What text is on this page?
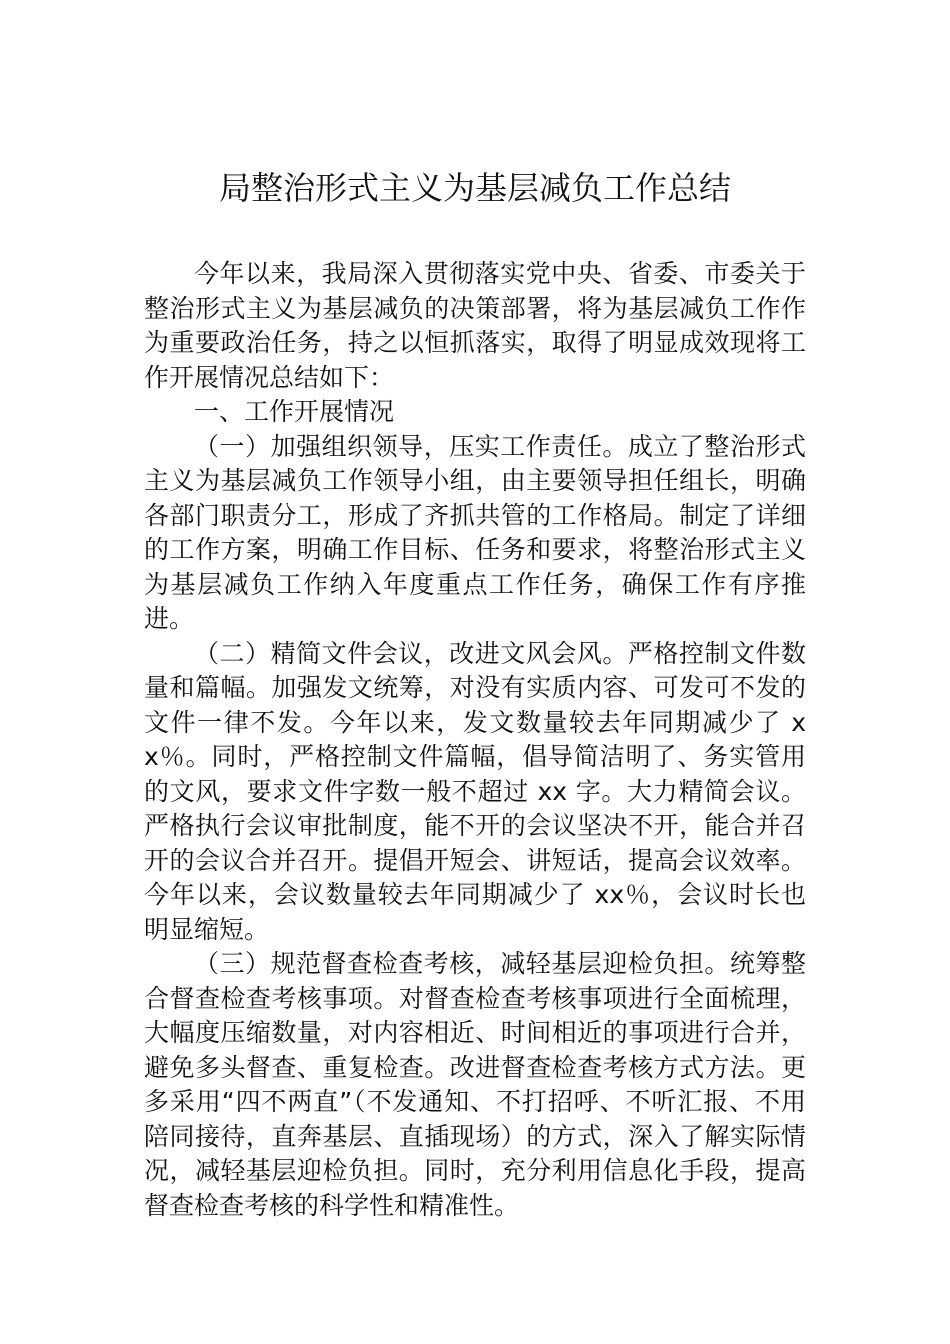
局整治形式主义为基层减负工作总结

今年以来，我局深入贯彻落实党中央、省委、市委关于整治形式主义为基层减负的决策部署，将为基层减负工作作为重要政治任务，持之以恒抓落实，取得了明显成效现将工作开展情况总结如下：

一、工作开展情况

（一）加强组织领导，压实工作责任。成立了整治形式主义为基层减负工作领导小组，由主要领导担任组长，明确各部门职责分工，形成了齐抓共管的工作格局。制定了详细的工作方案，明确工作目标、任务和要求，将整治形式主义为基层减负工作纳入年度重点工作任务，确保工作有序推进。

（二）精简文件会议，改进文风会风。严格控制文件数量和篇幅。加强发文统筹，对没有实质内容、可发可不发的文件一律不发。今年以来，发文数量较去年同期减少了 xx％。同时，严格控制文件篇幅，倡导简洁明了、务实管用的文风，要求文件字数一般不超过 xx 字。大力精简会议。严格执行会议审批制度，能不开的会议坚决不开，能合并召开的会议合并召开。提倡开短会、讲短话，提高会议效率。今年以来，会议数量较去年同期减少了 xx％，会议时长也明显缩短。

（三）规范督查检查考核，减轻基层迎检负担。统筹整合督查检查考核事项。对督查检查考核事项进行全面梳理，大幅度压缩数量，对内容相近、时间相近的事项进行合并，避免多头督查、重复检查。改进督查检查考核方式方法。更多采用“四不两直”（不发通知、不打招呼、不听汇报、不用陪同接待，直奔基层、直插现场）的方式，深入了解实际情况，减轻基层迎检负担。同时，充分利用信息化手段，提高督查检查考核的科学性和精准性。
